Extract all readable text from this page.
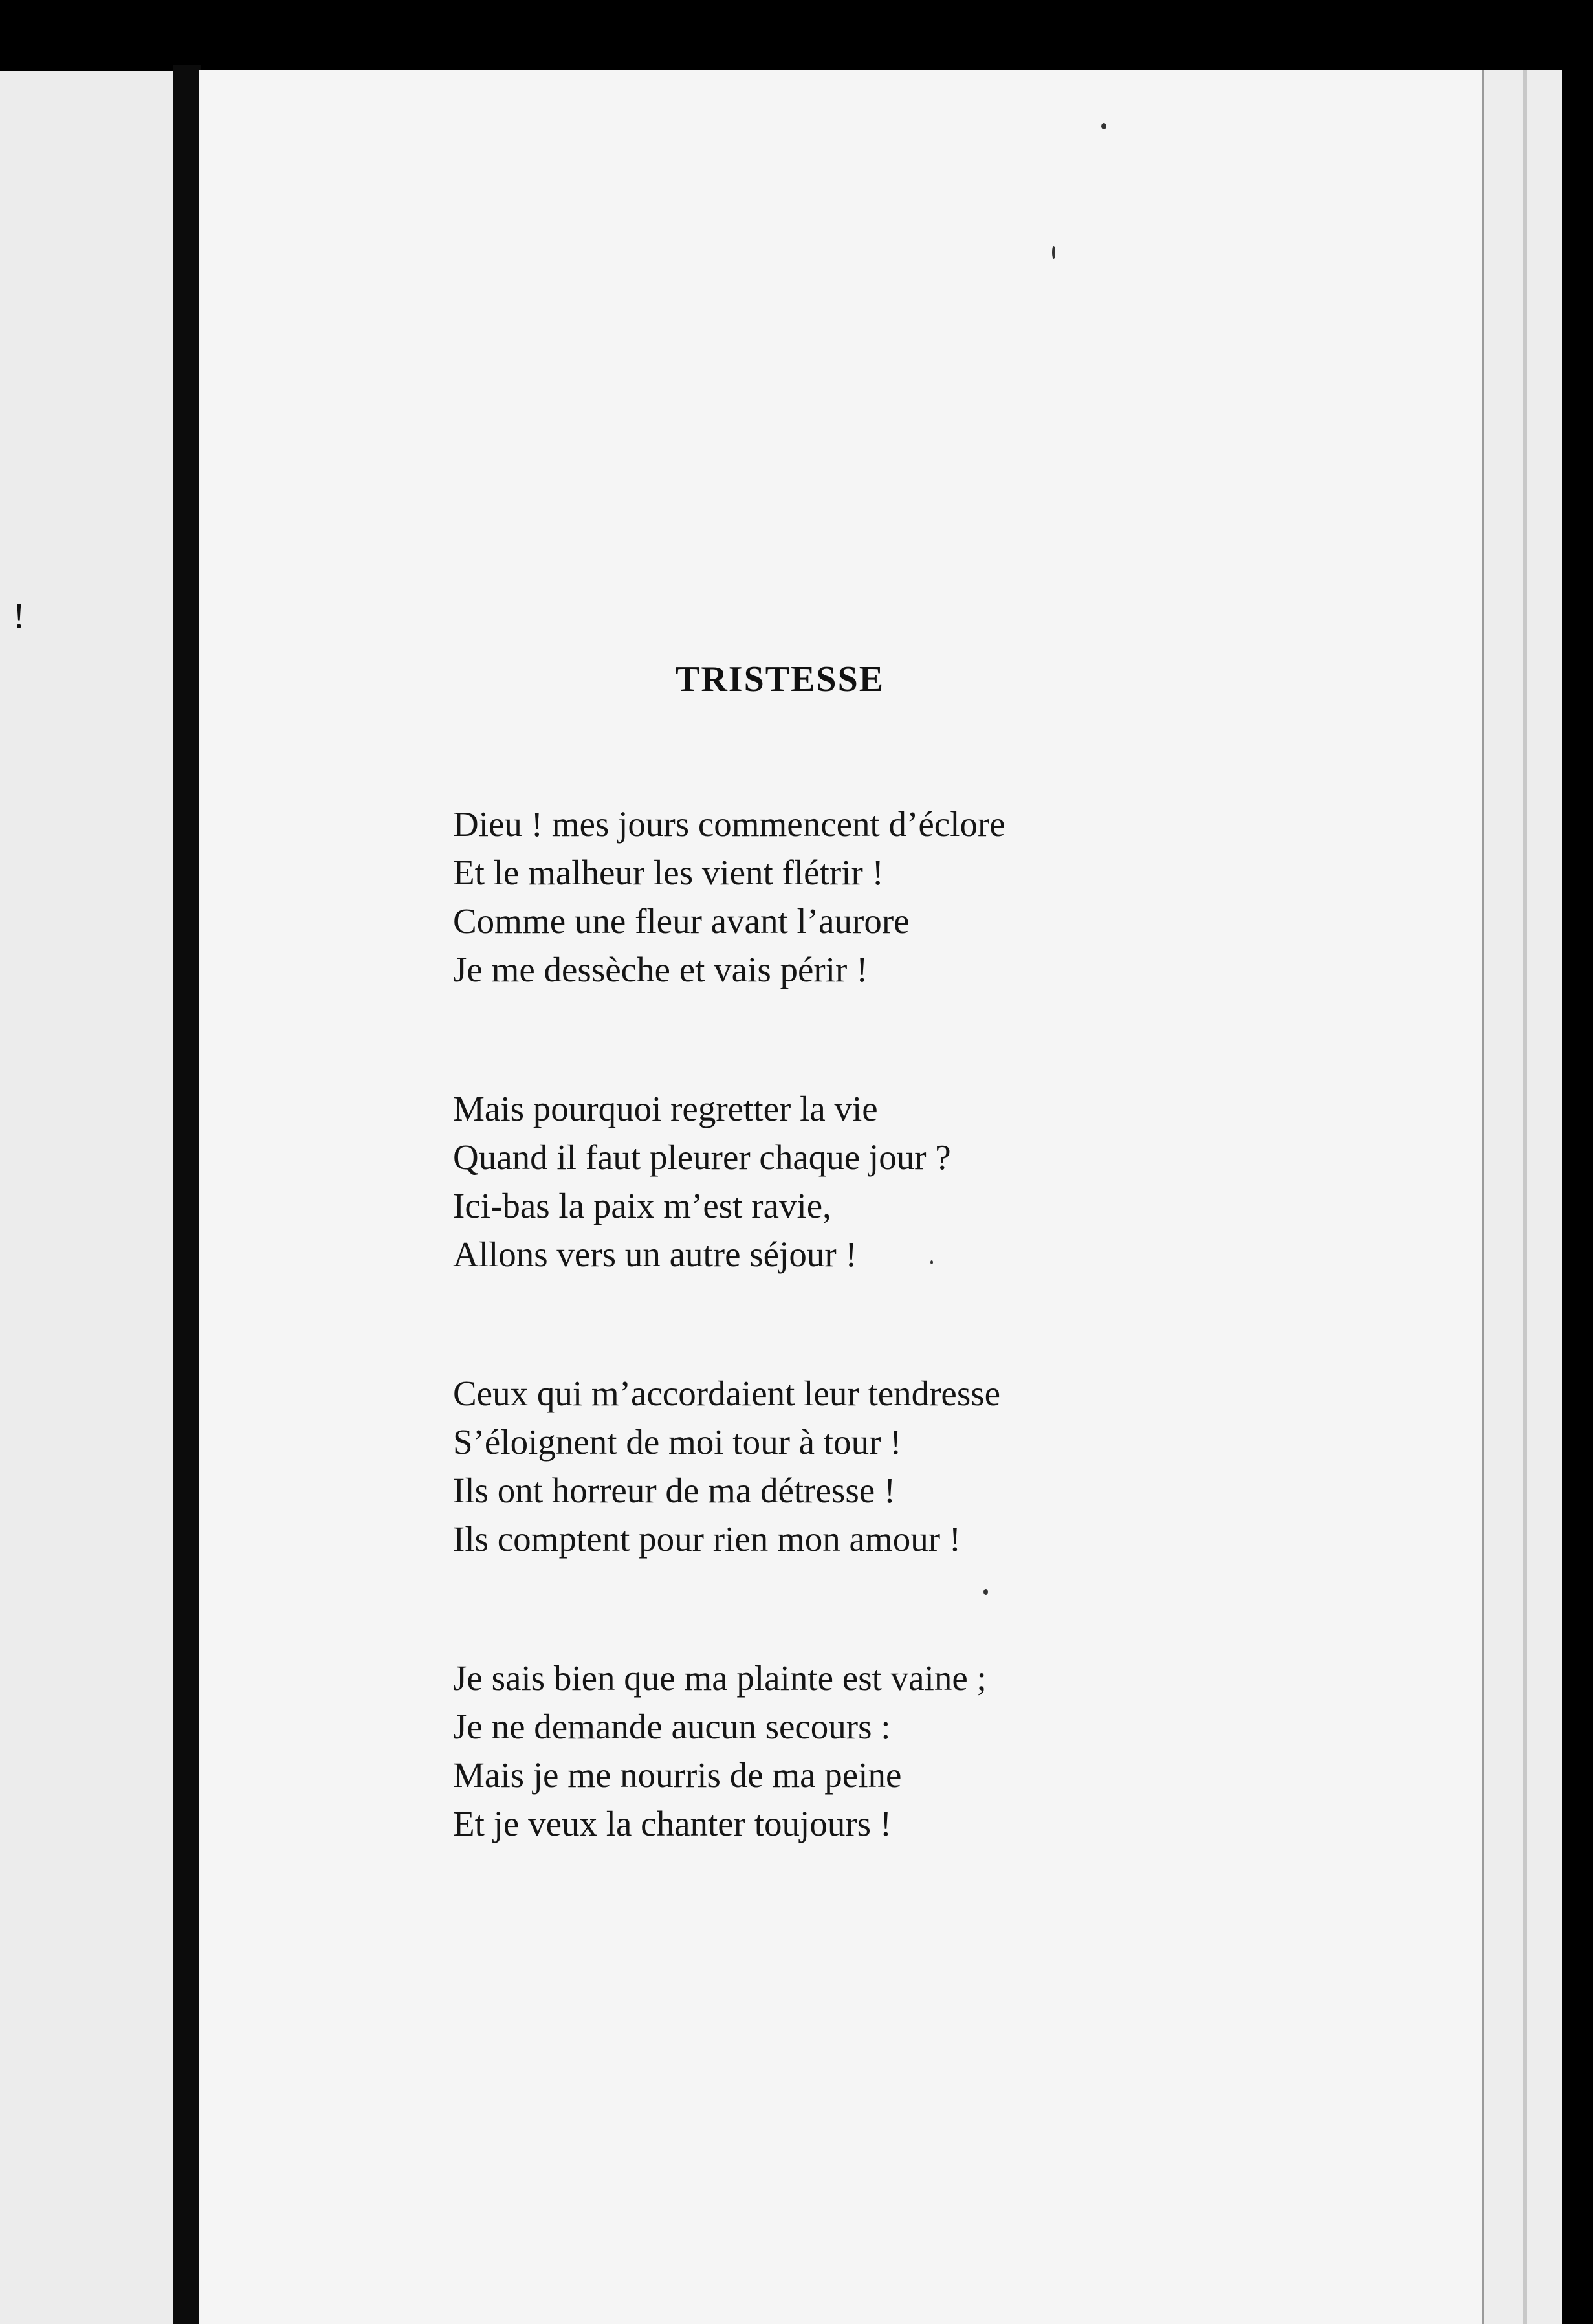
!
TRISTESSE
Dieu ! mes jours commencent d’éclore
Et le malheur les vient flétrir !
Comme une fleur avant l’aurore
Je me dessèche et vais périr !
Mais pourquoi regretter la vie
Quand il faut pleurer chaque jour ?
Ici-bas la paix m’est ravie,
Allons vers un autre séjour !
Ceux qui m’accordaient leur tendresse
S’éloignent de moi tour à tour !
Ils ont horreur de ma détresse !
Ils comptent pour rien mon amour !
Je sais bien que ma plainte est vaine ;
Je ne demande aucun secours :
Mais je me nourris de ma peine
Et je veux la chanter toujours !
